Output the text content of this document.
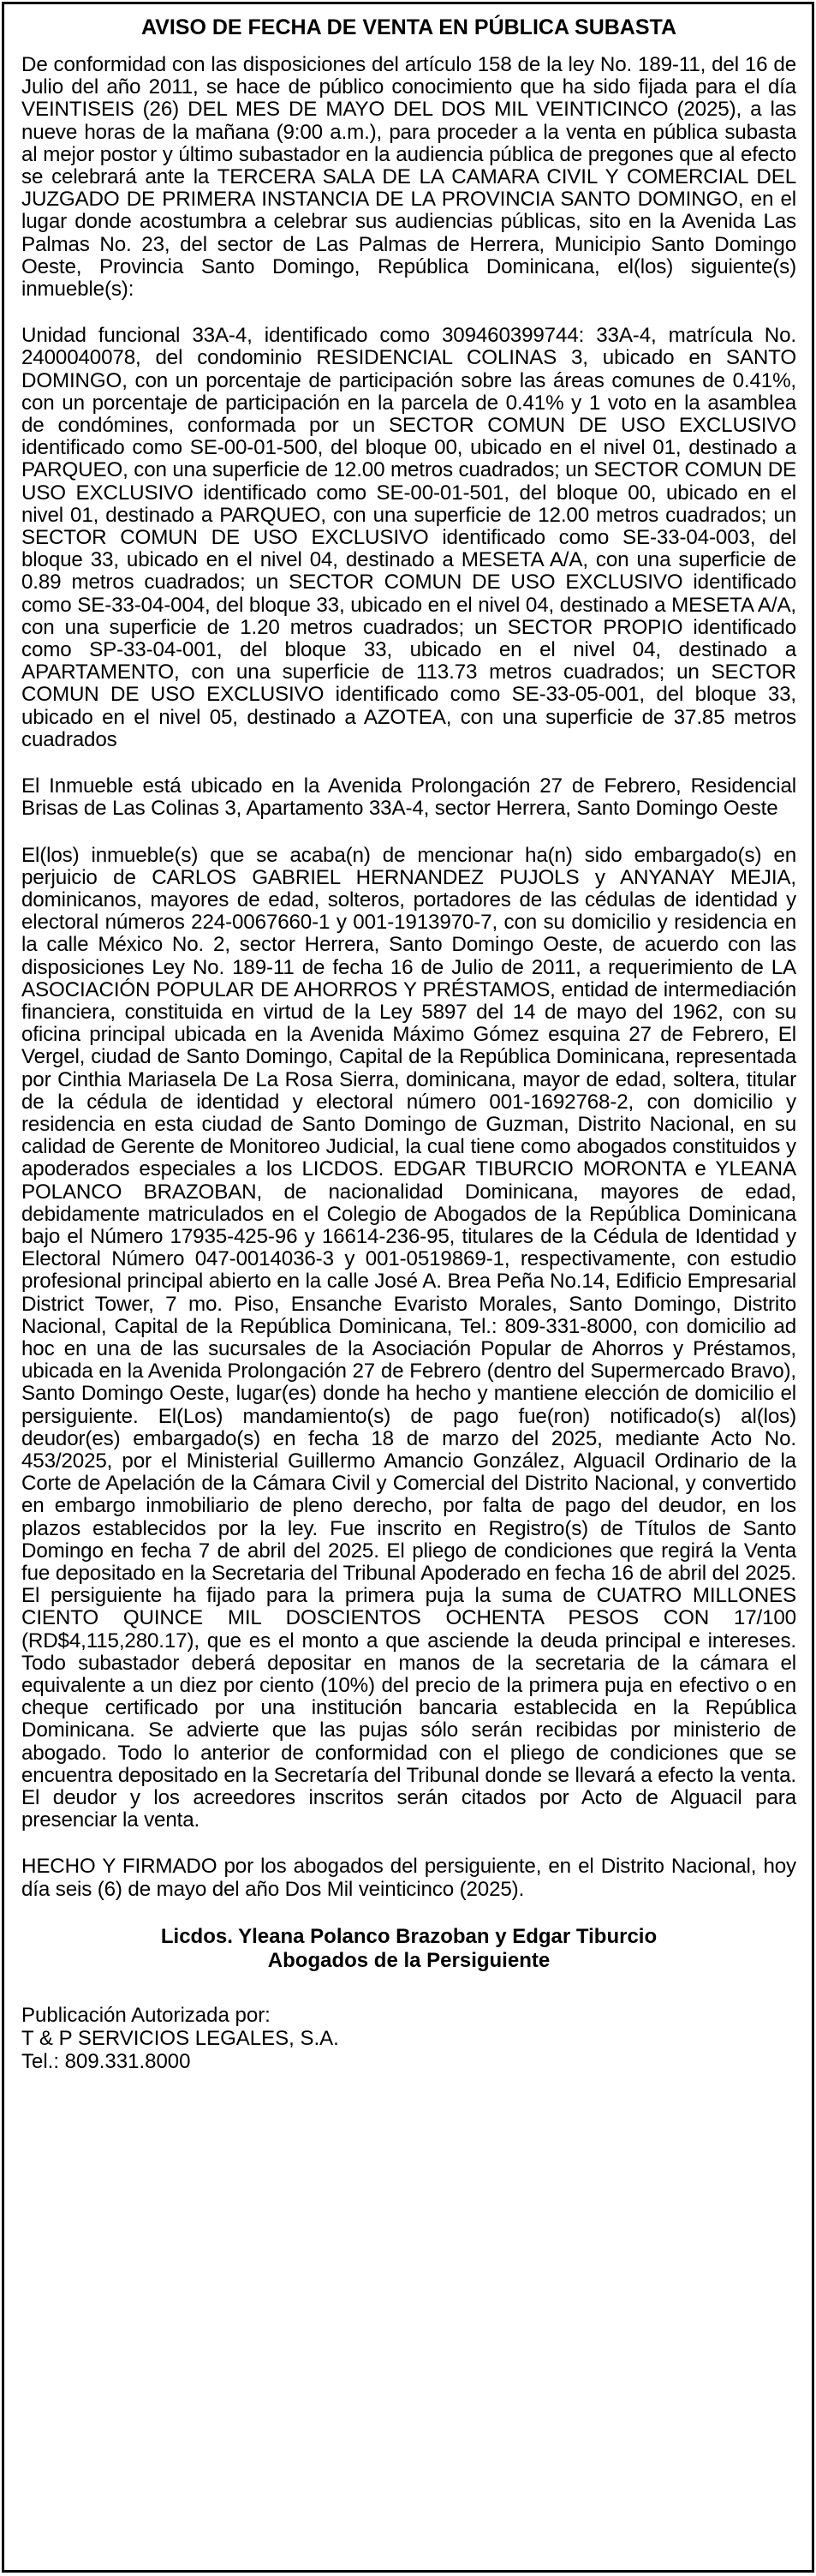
AVISO DE FECHA DE VENTA EN PÚBLICA SUBASTA

De conformidad con las disposiciones del artículo 158 de la ley No. 189-11, del 16 de Julio del año 2011, se hace de público conocimiento que ha sido fijada para el día VEINTISEIS (26) DEL MES DE MAYO DEL DOS MIL VEINTICINCO (2025), a las nueve horas de la mañana (9:00 a.m.), para proceder a la venta en pública subasta al mejor postor y último subastador en la audiencia pública de pregones que al efecto se celebrará ante la TERCERA SALA DE LA CAMARA CIVIL Y COMERCIAL DEL JUZGADO DE PRIMERA INSTANCIA DE LA PROVINCIA SANTO DOMINGO, en el lugar donde acostumbra a celebrar sus audiencias públicas, sito en la Avenida Las Palmas No. 23, del sector de Las Palmas de Herrera, Municipio Santo Domingo Oeste, Provincia Santo Domingo, República Dominicana, el(los) siguiente(s) inmueble(s):

Unidad funcional 33A-4, identificado como 309460399744: 33A-4, matrícula No. 2400040078, del condominio RESIDENCIAL COLINAS 3, ubicado en SANTO DOMINGO, con un porcentaje de participación sobre las áreas comunes de 0.41%, con un porcentaje de participación en la parcela de 0.41% y 1 voto en la asamblea de condómines, conformada por un SECTOR COMUN DE USO EXCLUSIVO identificado como SE-00-01-500, del bloque 00, ubicado en el nivel 01, destinado a PARQUEO, con una superficie de 12.00 metros cuadrados; un SECTOR COMUN DE USO EXCLUSIVO identificado como SE-00-01-501, del bloque 00, ubicado en el nivel 01, destinado a PARQUEO, con una superficie de 12.00 metros cuadrados; un SECTOR COMUN DE USO EXCLUSIVO identificado como SE-33-04-003, del bloque 33, ubicado en el nivel 04, destinado a MESETA A/A, con una superficie de 0.89 metros cuadrados; un SECTOR COMUN DE USO EXCLUSIVO identificado como SE-33-04-004, del bloque 33, ubicado en el nivel 04, destinado a MESETA A/A, con una superficie de 1.20 metros cuadrados; un SECTOR PROPIO identificado como SP-33-04-001, del bloque 33, ubicado en el nivel 04, destinado a APARTAMENTO, con una superficie de 113.73 metros cuadrados; un SECTOR COMUN DE USO EXCLUSIVO identificado como SE-33-05-001, del bloque 33, ubicado en el nivel 05, destinado a AZOTEA, con una superficie de 37.85 metros cuadrados

El Inmueble está ubicado en la Avenida Prolongación 27 de Febrero, Residencial Brisas de Las Colinas 3, Apartamento 33A-4, sector Herrera, Santo Domingo Oeste

El(los) inmueble(s) que se acaba(n) de mencionar ha(n) sido embargado(s) en perjuicio de CARLOS GABRIEL HERNANDEZ PUJOLS y ANYANAY MEJIA, dominicanos, mayores de edad, solteros, portadores de las cédulas de identidad y electoral números 224-0067660-1 y 001-1913970-7, con su domicilio y residencia en la calle México No. 2, sector Herrera, Santo Domingo Oeste, de acuerdo con las disposiciones Ley No. 189-11 de fecha 16 de Julio de 2011, a requerimiento de LA ASOCIACIÓN POPULAR DE AHORROS Y PRÉSTAMOS, entidad de intermediación financiera, constituida en virtud de la Ley 5897 del 14 de mayo del 1962, con su oficina principal ubicada en la Avenida Máximo Gómez esquina 27 de Febrero, El Vergel, ciudad de Santo Domingo, Capital de la República Dominicana, representada por Cinthia Mariasela De La Rosa Sierra, dominicana, mayor de edad, soltera, titular de la cédula de identidad y electoral número 001-1692768-2, con domicilio y residencia en esta ciudad de Santo Domingo de Guzman, Distrito Nacional, en su calidad de Gerente de Monitoreo Judicial, la cual tiene como abogados constituidos y apoderados especiales a los LICDOS. EDGAR TIBURCIO MORONTA e YLEANA POLANCO BRAZOBAN, de nacionalidad Dominicana, mayores de edad, debidamente matriculados en el Colegio de Abogados de la República Dominicana bajo el Número 17935-425-96 y 16614-236-95, titulares de la Cédula de Identidad y Electoral Número 047-0014036-3 y 001-0519869-1, respectivamente, con estudio profesional principal abierto en la calle José A. Brea Peña No.14, Edificio Empresarial District Tower, 7 mo. Piso, Ensanche Evaristo Morales, Santo Domingo, Distrito Nacional, Capital de la República Dominicana, Tel.: 809-331-8000, con domicilio ad hoc en una de las sucursales de la Asociación Popular de Ahorros y Préstamos, ubicada en la Avenida Prolongación 27 de Febrero (dentro del Supermercado Bravo), Santo Domingo Oeste, lugar(es) donde ha hecho y mantiene elección de domicilio el persiguiente. El(Los) mandamiento(s) de pago fue(ron) notificado(s) al(los) deudor(es) embargado(s) en fecha 18 de marzo del 2025, mediante Acto No. 453/2025, por el Ministerial Guillermo Amancio González, Alguacil Ordinario de la Corte de Apelación de la Cámara Civil y Comercial del Distrito Nacional, y convertido en embargo inmobiliario de pleno derecho, por falta de pago del deudor, en los plazos establecidos por la ley. Fue inscrito en Registro(s) de Títulos de Santo Domingo en fecha 7 de abril del 2025. El pliego de condiciones que regirá la Venta fue depositado en la Secretaria del Tribunal Apoderado en fecha 16 de abril del 2025. El persiguiente ha fijado para la primera puja la suma de CUATRO MILLONES CIENTO QUINCE MIL DOSCIENTOS OCHENTA PESOS CON 17/100 (RD$4,115,280.17), que es el monto a que asciende la deuda principal e intereses. Todo subastador deberá depositar en manos de la secretaria de la cámara el equivalente a un diez por ciento (10%) del precio de la primera puja en efectivo o en cheque certificado por una institución bancaria establecida en la República Dominicana. Se advierte que las pujas sólo serán recibidas por ministerio de abogado. Todo lo anterior de conformidad con el pliego de condiciones que se encuentra depositado en la Secretaría del Tribunal donde se llevará a efecto la venta. El deudor y los acreedores inscritos serán citados por Acto de Alguacil para presenciar la venta.

HECHO Y FIRMADO por los abogados del persiguiente, en el Distrito Nacional, hoy día seis (6) de mayo del año Dos Mil veinticinco (2025).

Licdos. Yleana Polanco Brazoban y Edgar Tiburcio
Abogados de la Persiguiente
Publicación Autorizada por:
T & P SERVICIOS LEGALES, S.A.
Tel.: 809.331.8000
